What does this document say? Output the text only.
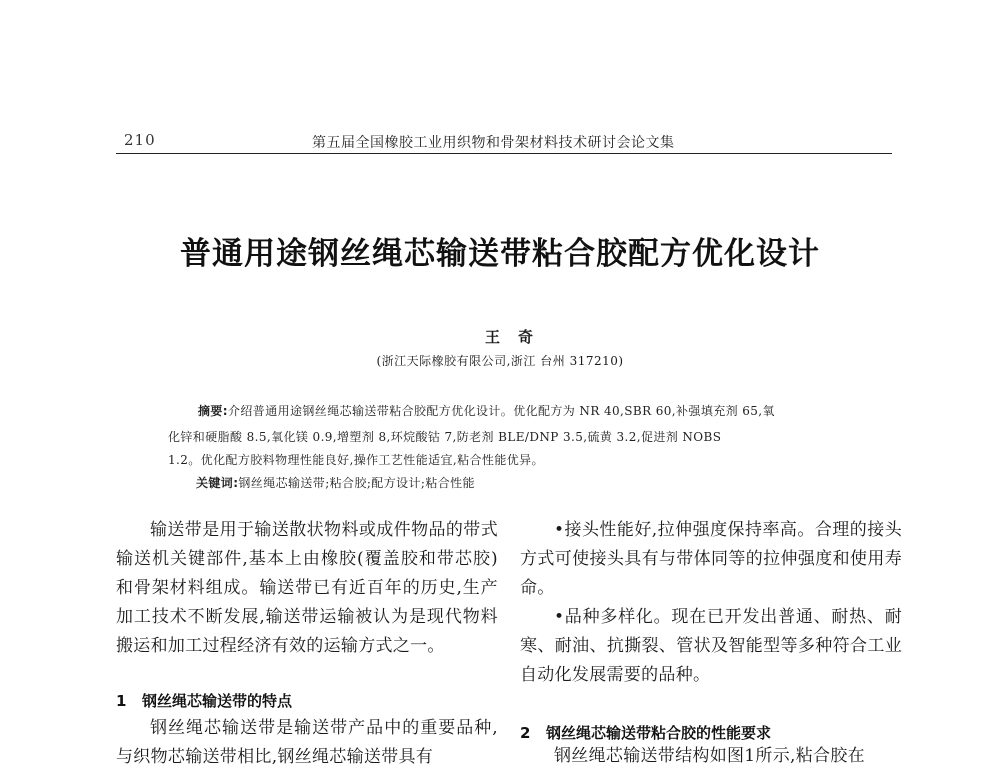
210	第五届全国橡胶工业用织物和骨架材料技术研讨会论文集
普通用途钢丝绳芯输送带粘合胶配方优化设计
王奇
(浙江天际橡胶有限公司,浙江 台州 317210)
摘要:介绍普通用途钢丝绳芯输送带粘合胶配方优化设计。优化配方为 NR 40,SBR 60,补强填充剂 65,氧
化锌和硬脂酸 8.5,氧化镁 0.9,增塑剂 8,环烷酸钴 7,防老剂 BLE/DNP 3.5,硫黄 3.2,促进剂 NOBS
1.2。优化配方胶料物理性能良好,操作工艺性能适宜,粘合性能优异。
关键词:钢丝绳芯输送带;粘合胶;配方设计;粘合性能

输送带是用于输送散状物料或成件物品的带式输送机关键部件,基本上由橡胶(覆盖胶和带芯胶)和骨架材料组成。输送带已有近百年的历史,生产加工技术不断发展,输送带运输被认为是现代物料搬运和加工过程经济有效的运输方式之一。

1 钢丝绳芯输送带的特点

钢丝绳芯输送带是输送带产品中的重要品种,与织物芯输送带相比,钢丝绳芯输送带具有

•接头性能好,拉伸强度保持率高。合理的接头方式可使接头具有与带体同等的拉伸强度和使用寿命。

•品种多样化。现在已开发出普通、耐热、耐寒、耐油、抗撕裂、管状及智能型等多种符合工业自动化发展需要的品种。

2 钢丝绳芯输送带粘合胶的性能要求

钢丝绳芯输送带结构如图1所示,粘合胶在
